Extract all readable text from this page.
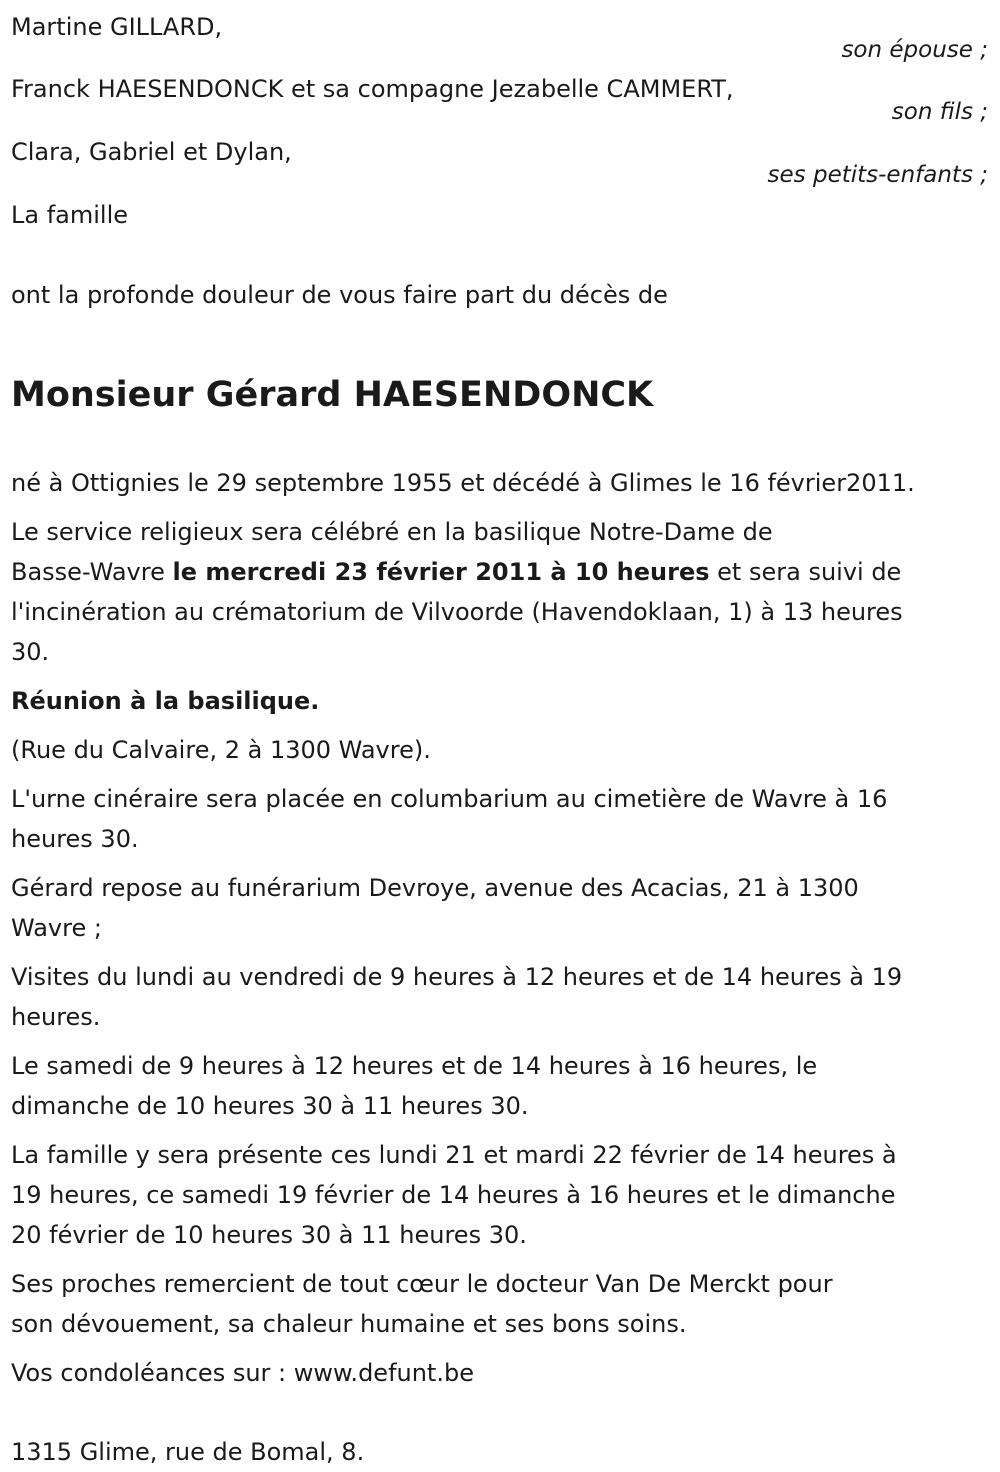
Martine GILLARD,
son épouse ;
Franck HAESENDONCK et sa compagne Jezabelle CAMMERT,
son fils ;
Clara, Gabriel et Dylan,
ses petits-enfants ;
La famille
ont la profonde douleur de vous faire part du décès de
Monsieur Gérard HAESENDONCK
né à Ottignies le 29 septembre 1955 et décédé à Glimes le 16 février2011.
Le service religieux sera célébré en la basilique Notre-Dame de
Basse-Wavre le mercredi 23 février 2011 à 10 heures et sera suivi de
l'incinération au crématorium de Vilvoorde (Havendoklaan, 1) à 13 heures
30.
Réunion à la basilique.
(Rue du Calvaire, 2 à 1300 Wavre).
L'urne cinéraire sera placée en columbarium au cimetière de Wavre à 16
heures 30.
Gérard repose au funérarium Devroye, avenue des Acacias, 21 à 1300
Wavre ;
Visites du lundi au vendredi de 9 heures à 12 heures et de 14 heures à 19
heures.
Le samedi de 9 heures à 12 heures et de 14 heures à 16 heures, le
dimanche de 10 heures 30 à 11 heures 30.
La famille y sera présente ces lundi 21 et mardi 22 février de 14 heures à
19 heures, ce samedi 19 février de 14 heures à 16 heures et le dimanche
20 février de 10 heures 30 à 11 heures 30.
Ses proches remercient de tout cœur le docteur Van De Merckt pour
son dévouement, sa chaleur humaine et ses bons soins.
Vos condoléances sur : www.defunt.be
1315 Glime, rue de Bomal, 8.
